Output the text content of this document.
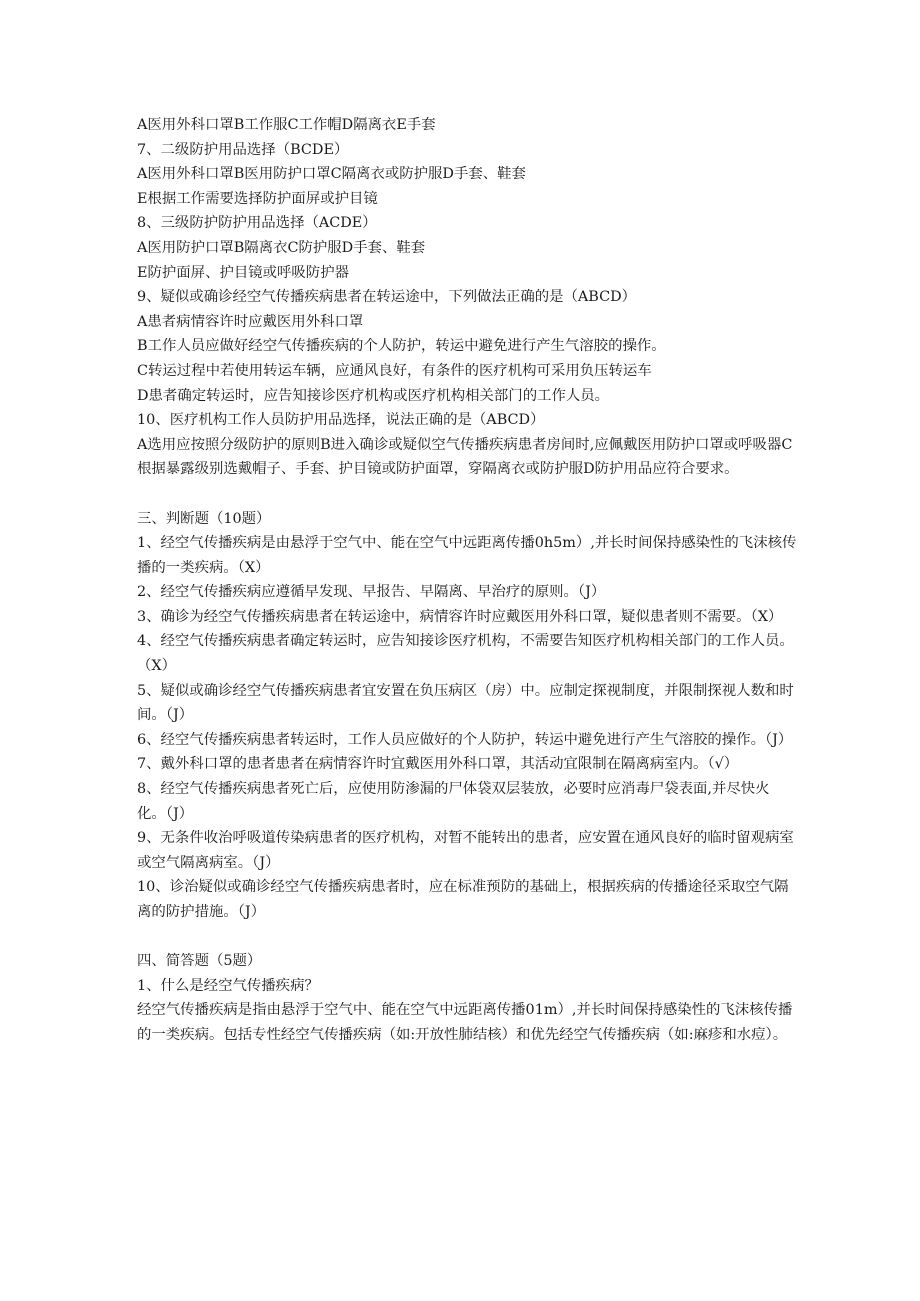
A医用外科口罩B工作服C工作帽D隔离衣E手套
7、二级防护用品选择（BCDE）
A医用外科口罩B医用防护口罩C隔离衣或防护服D手套、鞋套
E根据工作需要选择防护面屏或护目镜
8、三级防护防护用品选择（ACDE）
A医用防护口罩B隔离衣C防护服D手套、鞋套
E防护面屏、护目镜或呼吸防护器
9、疑似或确诊经空气传播疾病患者在转运途中，下列做法正确的是（ABCD）
A患者病情容许时应戴医用外科口罩
B工作人员应做好经空气传播疾病的个人防护，转运中避免进行产生气溶胶的操作。
C转运过程中若使用转运车辆，应通风良好，有条件的医疗机构可采用负压转运车
D患者确定转运时，应告知接诊医疗机构或医疗机构相关部门的工作人员。
10、医疗机构工作人员防护用品选择，说法正确的是（ABCD）
A选用应按照分级防护的原则B进入确诊或疑似空气传播疾病患者房间时,应佩戴医用防护口罩或呼吸器C根据暴露级别选戴帽子、手套、护目镜或防护面罩，穿隔离衣或防护服D防护用品应符合要求。
三、判断题（10题）
1、经空气传播疾病是由悬浮于空气中、能在空气中远距离传播0h5m）,并长时间保持感染性的飞沫核传播的一类疾病。（X）
2、经空气传播疾病应遵循早发现、早报告、早隔离、早治疗的原则。（J）
3、确诊为经空气传播疾病患者在转运途中，病情容许时应戴医用外科口罩，疑似患者则不需要。（X）
4、经空气传播疾病患者确定转运时，应告知接诊医疗机构，不需要告知医疗机构相关部门的工作人员。（X）
5、疑似或确诊经空气传播疾病患者宜安置在负压病区（房）中。应制定探视制度，并限制探视人数和时间。（J）
6、经空气传播疾病患者转运时，工作人员应做好的个人防护，转运中避免进行产生气溶胶的操作。（J）
7、戴外科口罩的患者患者在病情容许时宜戴医用外科口罩，其活动宜限制在隔离病室内。（√）
8、经空气传播疾病患者死亡后，应使用防渗漏的尸体袋双层装放，必要时应消毒尸袋表面,并尽快火化。（J）
9、无条件收治呼吸道传染病患者的医疗机构，对暂不能转出的患者，应安置在通风良好的临时留观病室或空气隔离病室。（J）
10、诊治疑似或确诊经空气传播疾病患者时，应在标准预防的基础上，根据疾病的传播途径采取空气隔离的防护措施。（J）
四、简答题（5题）
1、什么是经空气传播疾病？
经空气传播疾病是指由悬浮于空气中、能在空气中远距离传播01m）,并长时间保持感染性的飞沫核传播的一类疾病。包括专性经空气传播疾病（如:开放性肺结核）和优先经空气传播疾病（如:麻疹和水痘）。
